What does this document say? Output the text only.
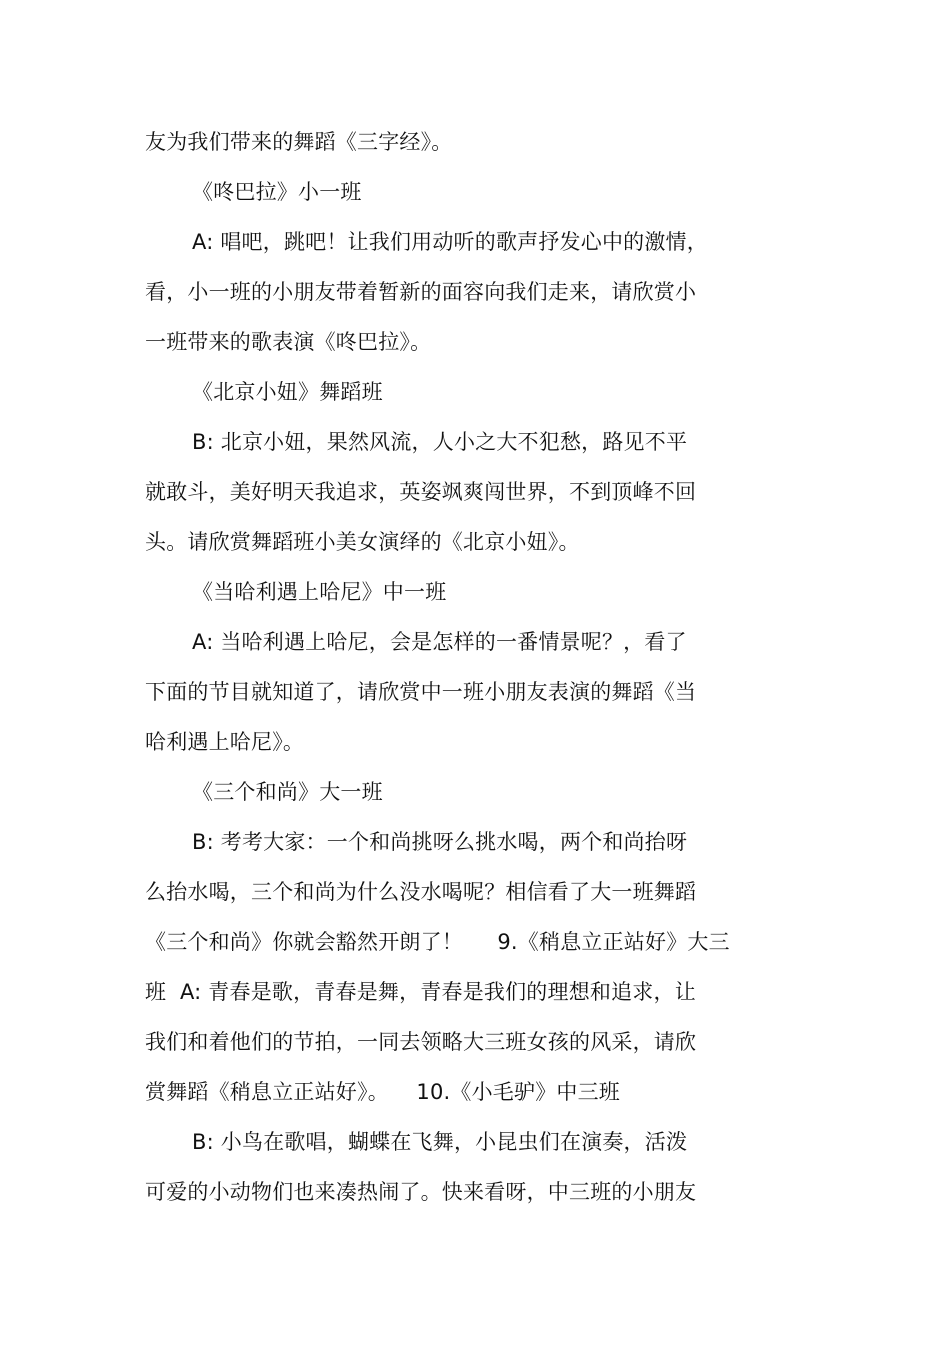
友为我们带来的舞蹈《三字经》。
《咚巴拉》小一班
A: 唱吧，跳吧！让我们用动听的歌声抒发心中的激情，
看，小一班的小朋友带着暂新的面容向我们走来，请欣赏小
一班带来的歌表演《咚巴拉》。
《北京小妞》舞蹈班
B: 北京小妞，果然风流，人小之大不犯愁，路见不平
就敢斗，美好明天我追求，英姿飒爽闯世界，不到顶峰不回
头。请欣赏舞蹈班小美女演绎的《北京小妞》。
《当哈利遇上哈尼》中一班
A: 当哈利遇上哈尼，会是怎样的一番情景呢？，看了
下面的节目就知道了，请欣赏中一班小朋友表演的舞蹈《当
哈利遇上哈尼》。
《三个和尚》大一班
B: 考考大家：一个和尚挑呀么挑水喝，两个和尚抬呀
么抬水喝，三个和尚为什么没水喝呢？相信看了大一班舞蹈
《三个和尚》你就会豁然开朗了！     9.《稍息立正站好》大三
班  A: 青春是歌，青春是舞，青春是我们的理想和追求，让
我们和着他们的节拍，一同去领略大三班女孩的风采，请欣
赏舞蹈《稍息立正站好》。    10.《小毛驴》中三班
B: 小鸟在歌唱，蝴蝶在飞舞，小昆虫们在演奏，活泼
可爱的小动物们也来凑热闹了。快来看呀，中三班的小朋友
